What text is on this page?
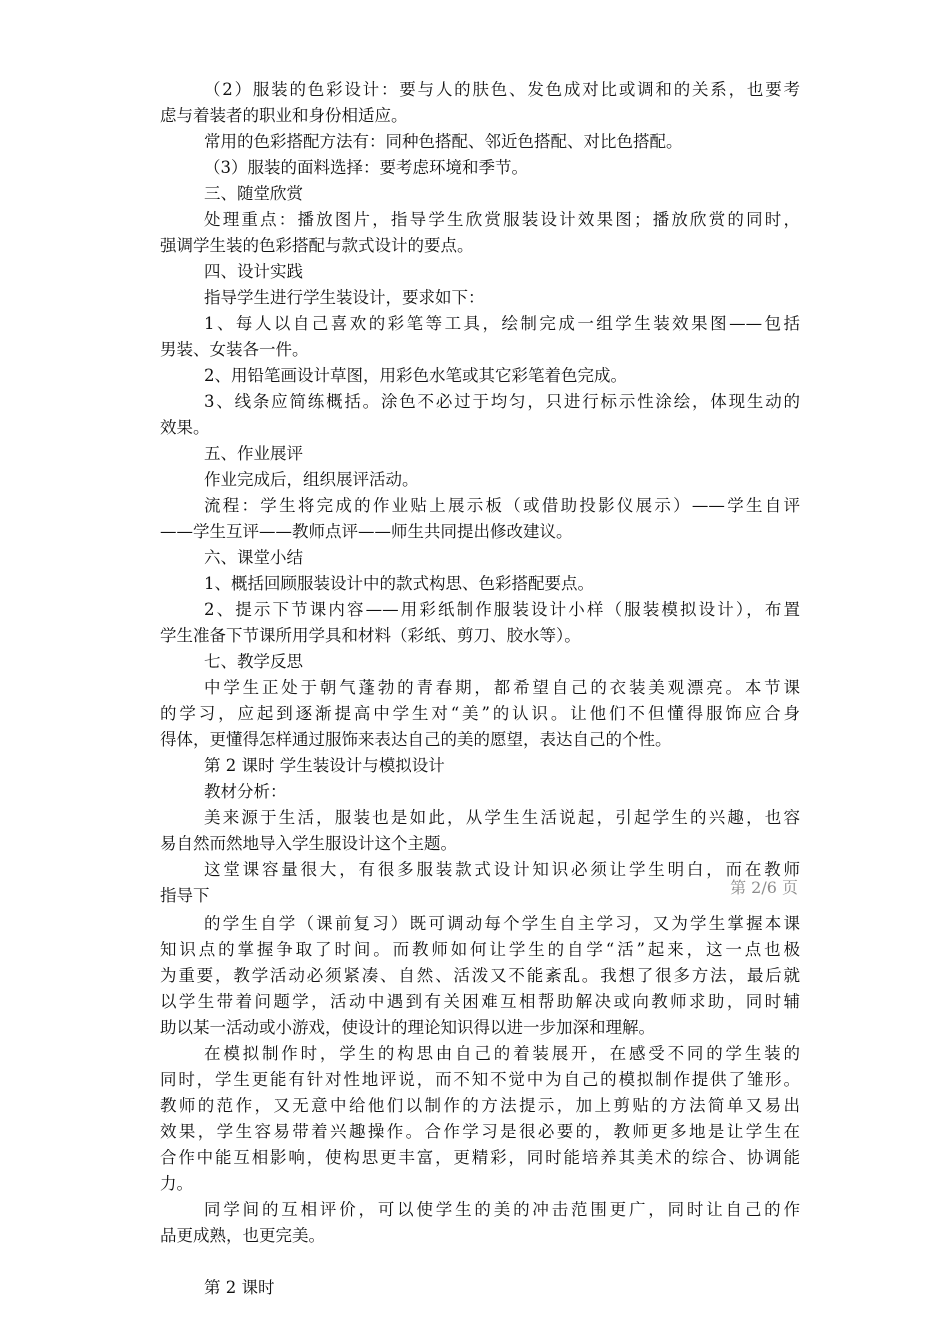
（2）服装的色彩设计：要与人的肤色、发色成对比或调和的关系，也要考
虑与着装者的职业和身份相适应。
常用的色彩搭配方法有：同种色搭配、邻近色搭配、对比色搭配。
（3）服装的面料选择：要考虑环境和季节。
三、随堂欣赏
处理重点：播放图片，指导学生欣赏服装设计效果图；播放欣赏的同时，
强调学生装的色彩搭配与款式设计的要点。
四、设计实践
指导学生进行学生装设计，要求如下：
1、每人以自己喜欢的彩笔等工具，绘制完成一组学生装效果图——包括
男装、女装各一件。
2、用铅笔画设计草图，用彩色水笔或其它彩笔着色完成。
3、线条应简练概括。涂色不必过于均匀，只进行标示性涂绘，体现生动的
效果。
五、作业展评
作业完成后，组织展评活动。
流程：学生将完成的作业贴上展示板（或借助投影仪展示）——学生自评
——学生互评——教师点评——师生共同提出修改建议。
六、课堂小结
1、概括回顾服装设计中的款式构思、色彩搭配要点。
2、提示下节课内容——用彩纸制作服装设计小样（服装模拟设计），布置
学生准备下节课所用学具和材料（彩纸、剪刀、胶水等）。
七、教学反思
中学生正处于朝气蓬勃的青春期，都希望自己的衣装美观漂亮。本节课
的学习，应起到逐渐提高中学生对“美”的认识。让他们不但懂得服饰应合身
得体，更懂得怎样通过服饰来表达自己的美的愿望，表达自己的个性。
第 2 课时 学生装设计与模拟设计
教材分析：
美来源于生活，服装也是如此，从学生生活说起，引起学生的兴趣，也容
易自然而然地导入学生服设计这个主题。
这堂课容量很大，有很多服装款式设计知识必须让学生明白，而在教师
指导下	第 2/6 页
的学生自学（课前复习）既可调动每个学生自主学习，又为学生掌握本课
知识点的掌握争取了时间。而教师如何让学生的自学“活”起来，这一点也极
为重要，教学活动必须紧凑、自然、活泼又不能紊乱。我想了很多方法，最后就
以学生带着问题学，活动中遇到有关困难互相帮助解决或向教师求助，同时辅
助以某一活动或小游戏，使设计的理论知识得以进一步加深和理解。
在模拟制作时，学生的构思由自己的着装展开，在感受不同的学生装的
同时，学生更能有针对性地评说，而不知不觉中为自己的模拟制作提供了雏形。
教师的范作，又无意中给他们以制作的方法提示，加上剪贴的方法简单又易出
效果，学生容易带着兴趣操作。合作学习是很必要的，教师更多地是让学生在
合作中能互相影响，使构思更丰富，更精彩，同时能培养其美术的综合、协调能
力。
同学间的互相评价，可以使学生的美的冲击范围更广，同时让自己的作
品更成熟，也更完美。
第 2 课时
